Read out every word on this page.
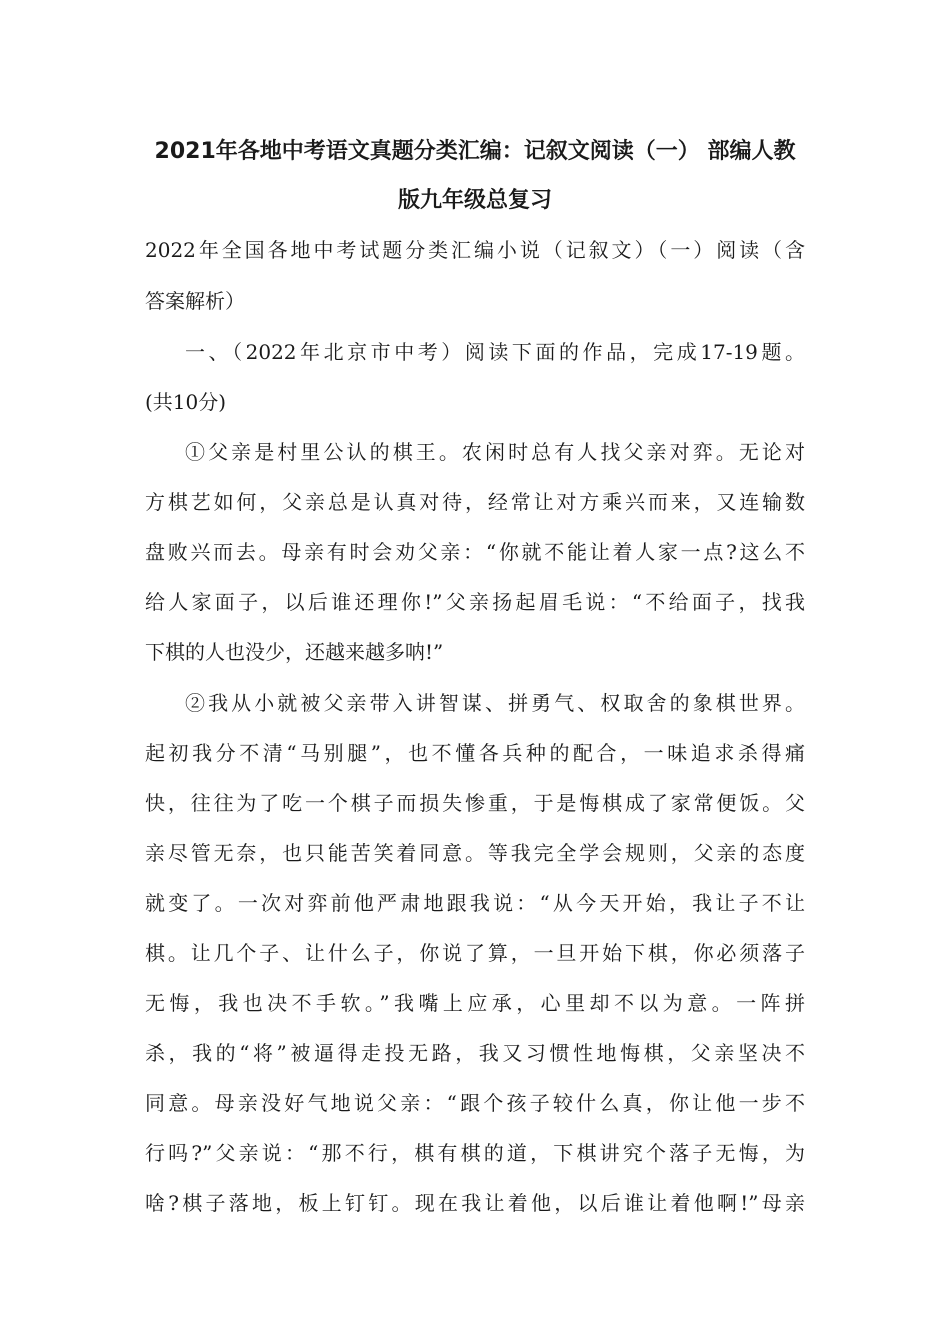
2021年各地中考语文真题分类汇编：记叙文阅读（一） 部编人教
版九年级总复习
2022年全国各地中考试题分类汇编小说（记叙文）（一）阅读（含
答案解析）
一、（2022年北京市中考）阅读下面的作品，完成17-19题。
(共10分)
①父亲是村里公认的棋王。农闲时总有人找父亲对弈。无论对
方棋艺如何，父亲总是认真对待，经常让对方乘兴而来，又连输数
盘败兴而去。母亲有时会劝父亲：“你就不能让着人家一点?这么不
给人家面子，以后谁还理你!”父亲扬起眉毛说：“不给面子，找我
下棋的人也没少，还越来越多呐!”
②我从小就被父亲带入讲智谋、拼勇气、权取舍的象棋世界。
起初我分不清“马别腿”，也不懂各兵种的配合，一味追求杀得痛
快，往往为了吃一个棋子而损失惨重，于是悔棋成了家常便饭。父
亲尽管无奈，也只能苦笑着同意。等我完全学会规则，父亲的态度
就变了。一次对弈前他严肃地跟我说：“从今天开始，我让子不让
棋。让几个子、让什么子，你说了算，一旦开始下棋，你必须落子
无悔，我也决不手软。”我嘴上应承，心里却不以为意。一阵拼
杀，我的“将”被逼得走投无路，我又习惯性地悔棋，父亲坚决不
同意。母亲没好气地说父亲：“跟个孩子较什么真，你让他一步不
行吗?”父亲说：“那不行，棋有棋的道，下棋讲究个落子无悔，为
啥?棋子落地，板上钉钉。现在我让着他，以后谁让着他啊!”母亲
